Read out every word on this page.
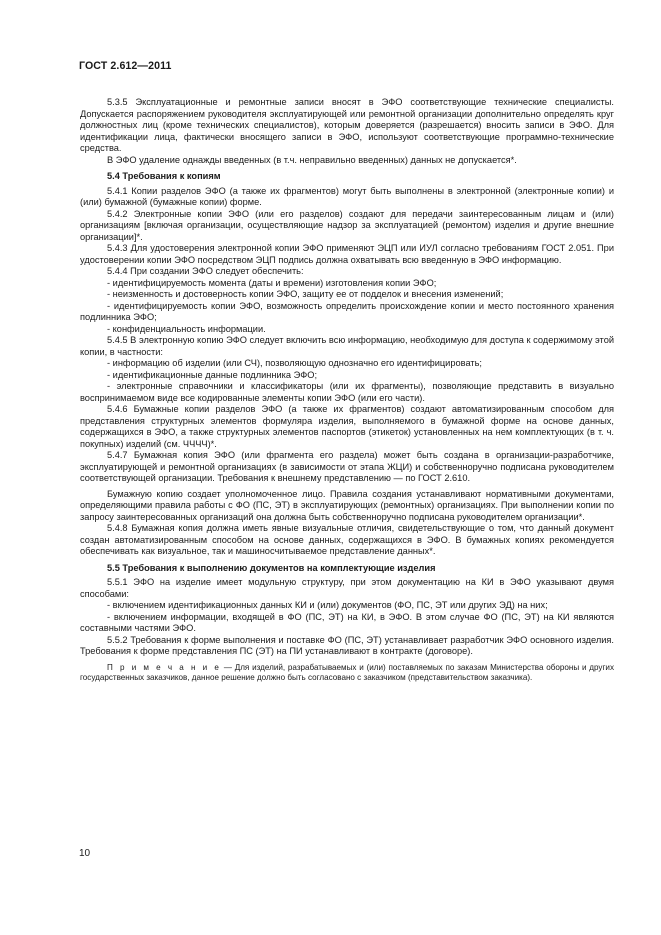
ГОСТ 2.612—2011

5.3.5 Эксплуатационные и ремонтные записи вносят в ЭФО соответствующие технические специалисты. Допускается распоряжением руководителя эксплуатирующей или ремонтной организации дополнительно определять круг должностных лиц (кроме технических специалистов), которым доверяется (разрешается) вносить записи в ЭФО. Для идентификации лица, фактически вносящего записи в ЭФО, используют соответствующие программно-технические средства.

В ЭФО удаление однажды введенных (в т.ч. неправильно введенных) данных не допускается*.

5.4 Требования к копиям

5.4.1 Копии разделов ЭФО (а также их фрагментов) могут быть выполнены в электронной (электронные копии) и (или) бумажной (бумажные копии) форме.

5.4.2 Электронные копии ЭФО (или его разделов) создают для передачи заинтересованным лицам и (или) организациям [включая организации, осуществляющие надзор за эксплуатацией (ремонтом) изделия и другие внешние организации]*.

5.4.3 Для удостоверения электронной копии ЭФО применяют ЭЦП или ИУЛ согласно требованиям ГОСТ 2.051. При удостоверении копии ЭФО посредством ЭЦП подпись должна охватывать всю введенную в ЭФО информацию.

5.4.4 При создании ЭФО следует обеспечить:

- идентифицируемость момента (даты и времени) изготовления копии ЭФО;

- неизменность и достоверность копии ЭФО, защиту ее от подделок и внесения изменений;

- идентифицируемость копии ЭФО, возможность определить происхождение копии и место постоянного хранения подлинника ЭФО;

- конфиденциальность информации.

5.4.5 В электронную копию ЭФО следует включить всю информацию, необходимую для доступа к содержимому этой копии, в частности:

- информацию об изделии (или СЧ), позволяющую однозначно его идентифицировать;

- идентификационные данные подлинника ЭФО;

- электронные справочники и классификаторы (или их фрагменты), позволяющие представить в визуально воспринимаемом виде все кодированные элементы копии ЭФО (или его части).

5.4.6 Бумажные копии разделов ЭФО (а также их фрагментов) создают автоматизированным способом для представления структурных элементов формуляра изделия, выполняемого в бумажной форме на основе данных, содержащихся в ЭФО, а также структурных элементов паспортов (этикеток) установленных на нем комплектующих (в т. ч. покупных) изделий (см. ЧЧЧЧ)*.

5.4.7 Бумажная копия ЭФО (или фрагмента его раздела) может быть создана в организации-разработчике, эксплуатирующей и ремонтной организациях (в зависимости от этапа ЖЦИ) и собственноручно подписана руководителем соответствующей организации. Требования к внешнему представлению — по ГОСТ 2.610.

Бумажную копию создает уполномоченное лицо. Правила создания устанавливают нормативными документами, определяющими правила работы с ФО (ПС, ЭТ) в эксплуатирующих (ремонтных) организациях. При выполнении копии по запросу заинтересованных организаций она должна быть собственноручно подписана руководителем организации*.

5.4.8 Бумажная копия должна иметь явные визуальные отличия, свидетельствующие о том, что данный документ создан автоматизированным способом на основе данных, содержащихся в ЭФО. В бумажных копиях рекомендуется обеспечивать как визуальное, так и машиносчитываемое представление данных*.

5.5 Требования к выполнению документов на комплектующие изделия

5.5.1 ЭФО на изделие имеет модульную структуру, при этом документацию на КИ в ЭФО указывают двумя способами:

- включением идентификационных данных КИ и (или) документов (ФО, ПС, ЭТ или других ЭД) на них;

- включением информации, входящей в ФО (ПС, ЭТ) на КИ, в ЭФО. В этом случае ФО (ПС, ЭТ) на КИ являются составными частями ЭФО.

5.5.2 Требования к форме выполнения и поставке ФО (ПС, ЭТ) устанавливает разработчик ЭФО основного изделия. Требования к форме представления ПС (ЭТ) на ПИ устанавливают в контракте (договоре).

П р и м е ч а н и е — Для изделий, разрабатываемых и (или) поставляемых по заказам Министерства обороны и других государственных заказчиков, данное решение должно быть согласовано с заказчиком (представительством заказчика).

10
